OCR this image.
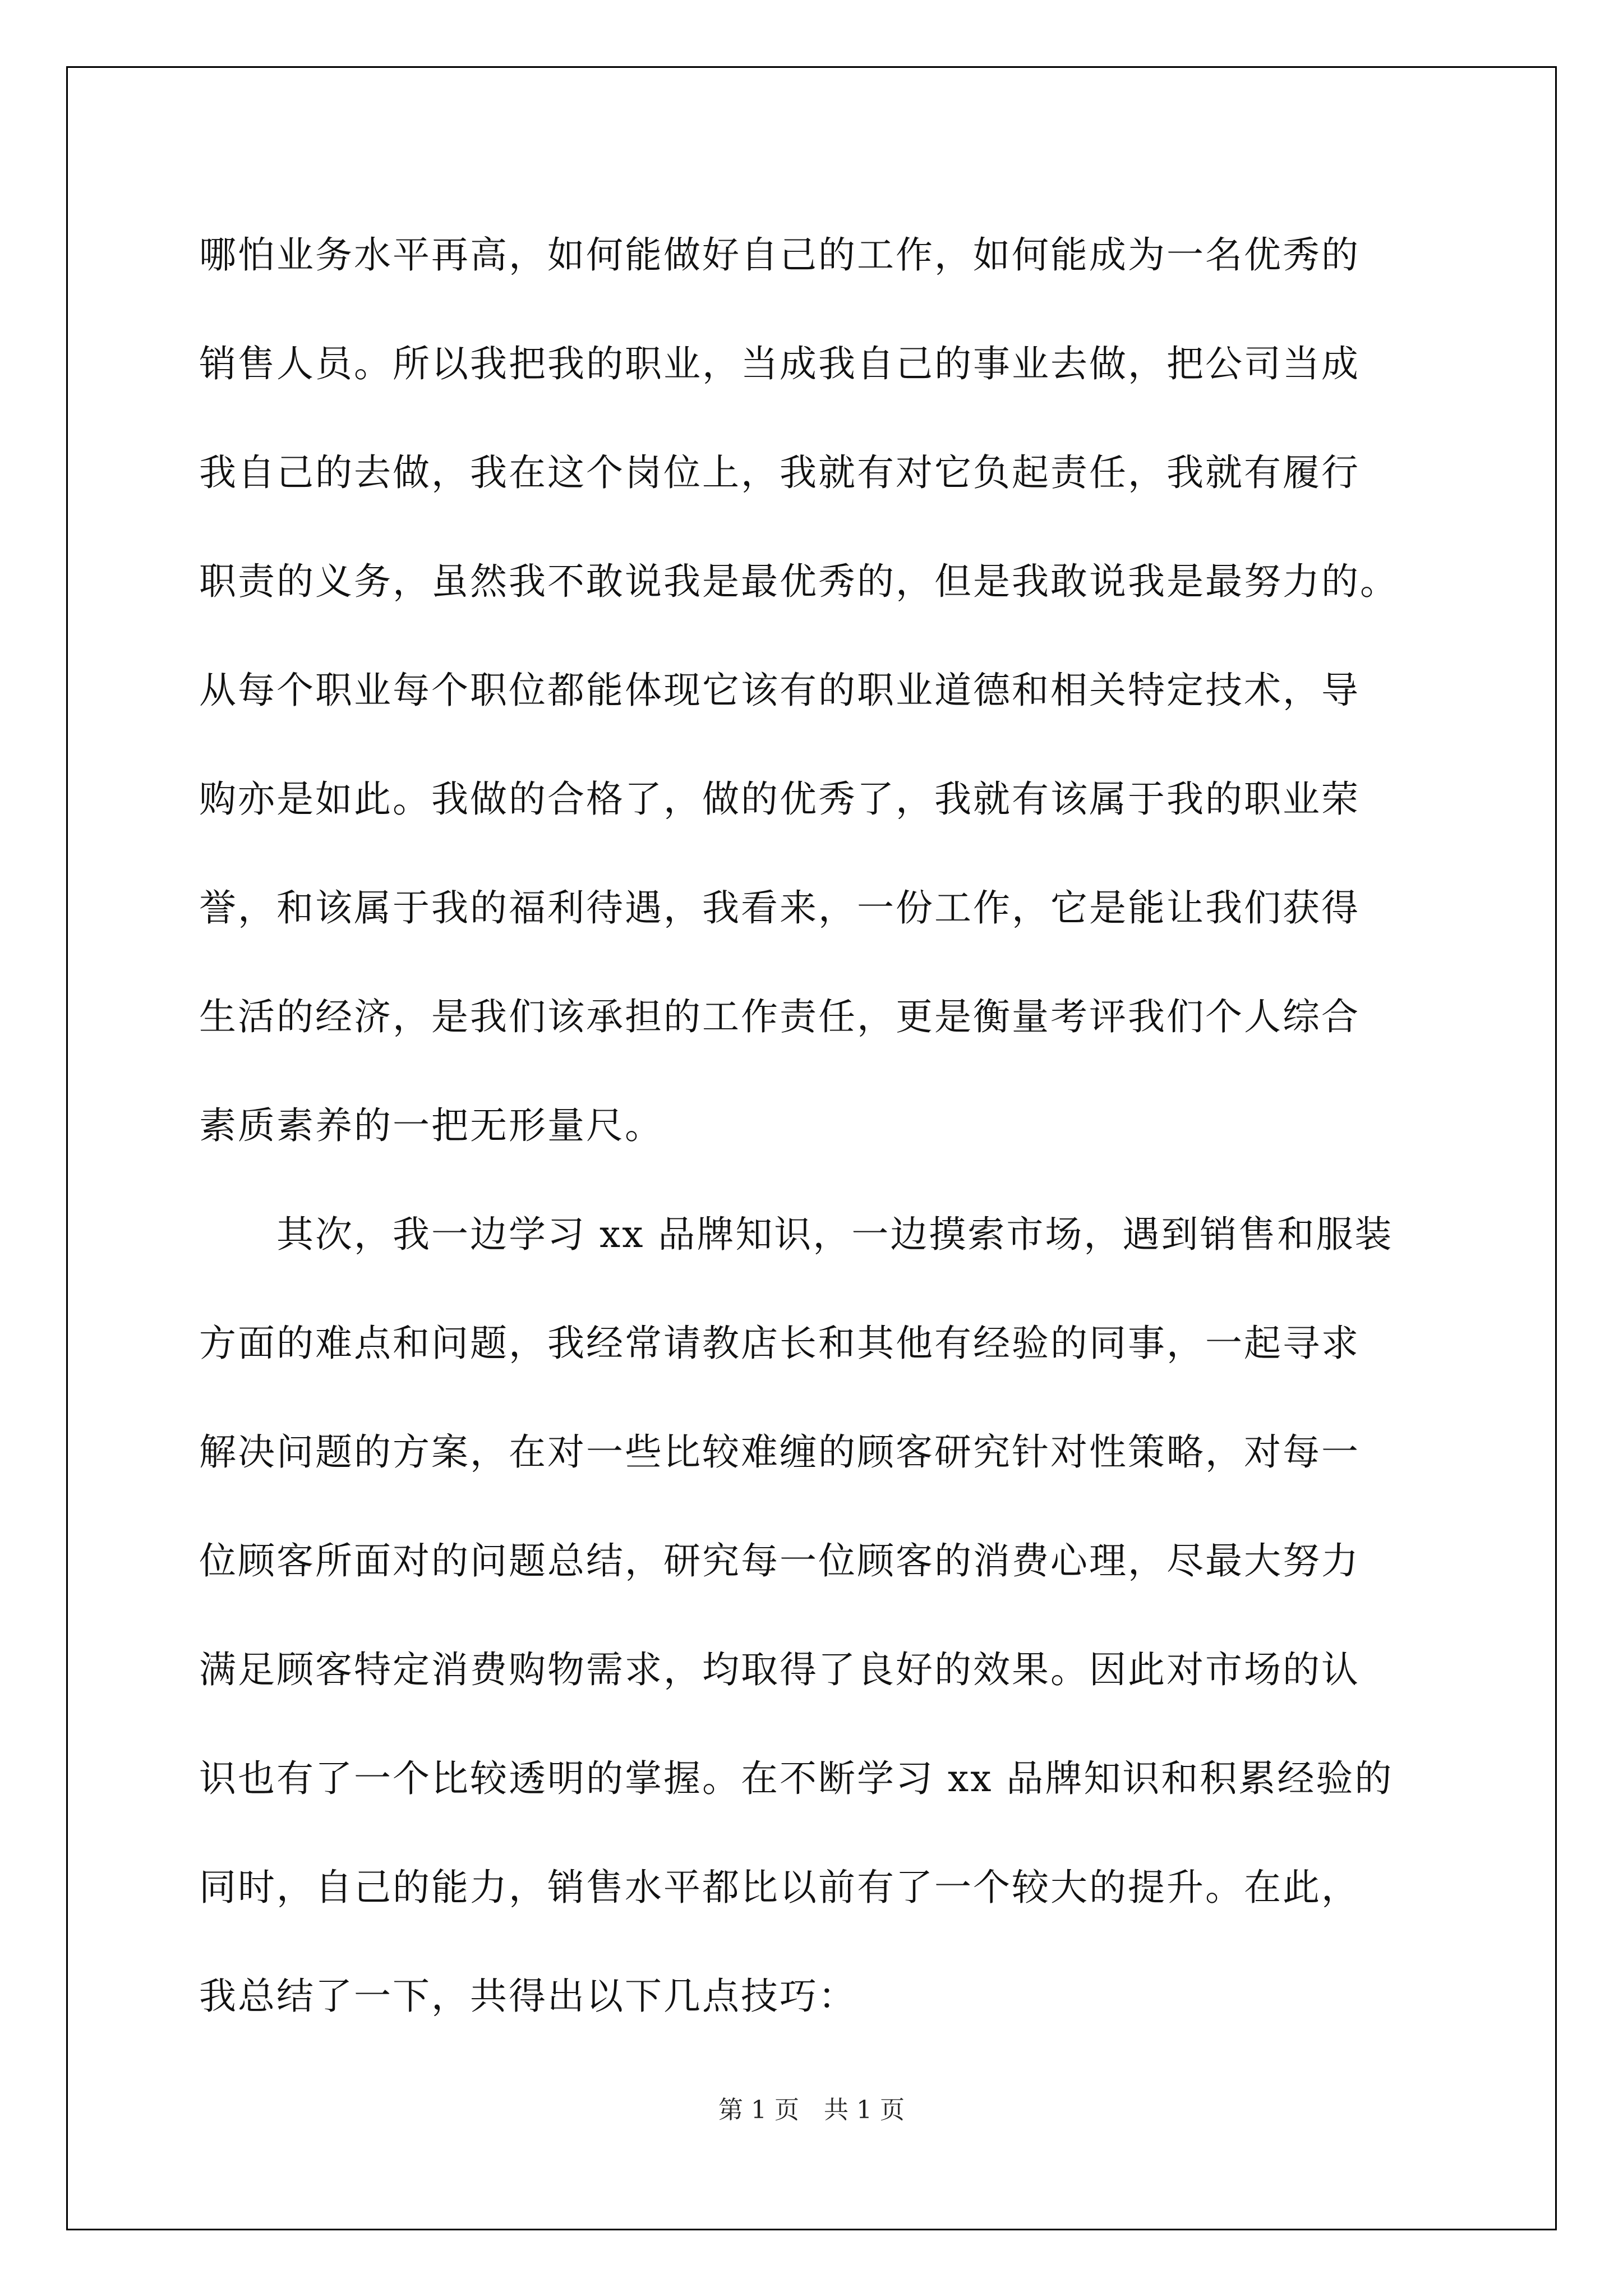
哪怕业务水平再高，如何能做好自己的工作，如何能成为一名优秀的
销售人员。所以我把我的职业，当成我自己的事业去做，把公司当成
我自己的去做，我在这个岗位上，我就有对它负起责任，我就有履行
职责的义务，虽然我不敢说我是最优秀的，但是我敢说我是最努力的。
从每个职业每个职位都能体现它该有的职业道德和相关特定技术，导
购亦是如此。我做的合格了，做的优秀了，我就有该属于我的职业荣
誉，和该属于我的福利待遇，我看来，一份工作，它是能让我们获得
生活的经济，是我们该承担的工作责任，更是衡量考评我们个人综合
素质素养的一把无形量尺。
　　其次，我一边学习 xx 品牌知识，一边摸索市场，遇到销售和服装
方面的难点和问题，我经常请教店长和其他有经验的同事，一起寻求
解决问题的方案，在对一些比较难缠的顾客研究针对性策略，对每一
位顾客所面对的问题总结，研究每一位顾客的消费心理，尽最大努力
满足顾客特定消费购物需求，均取得了良好的效果。因此对市场的认
识也有了一个比较透明的掌握。在不断学习 xx 品牌知识和积累经验的
同时，自己的能力，销售水平都比以前有了一个较大的提升。在此，
我总结了一下，共得出以下几点技巧：
第 1 页　共 1 页
